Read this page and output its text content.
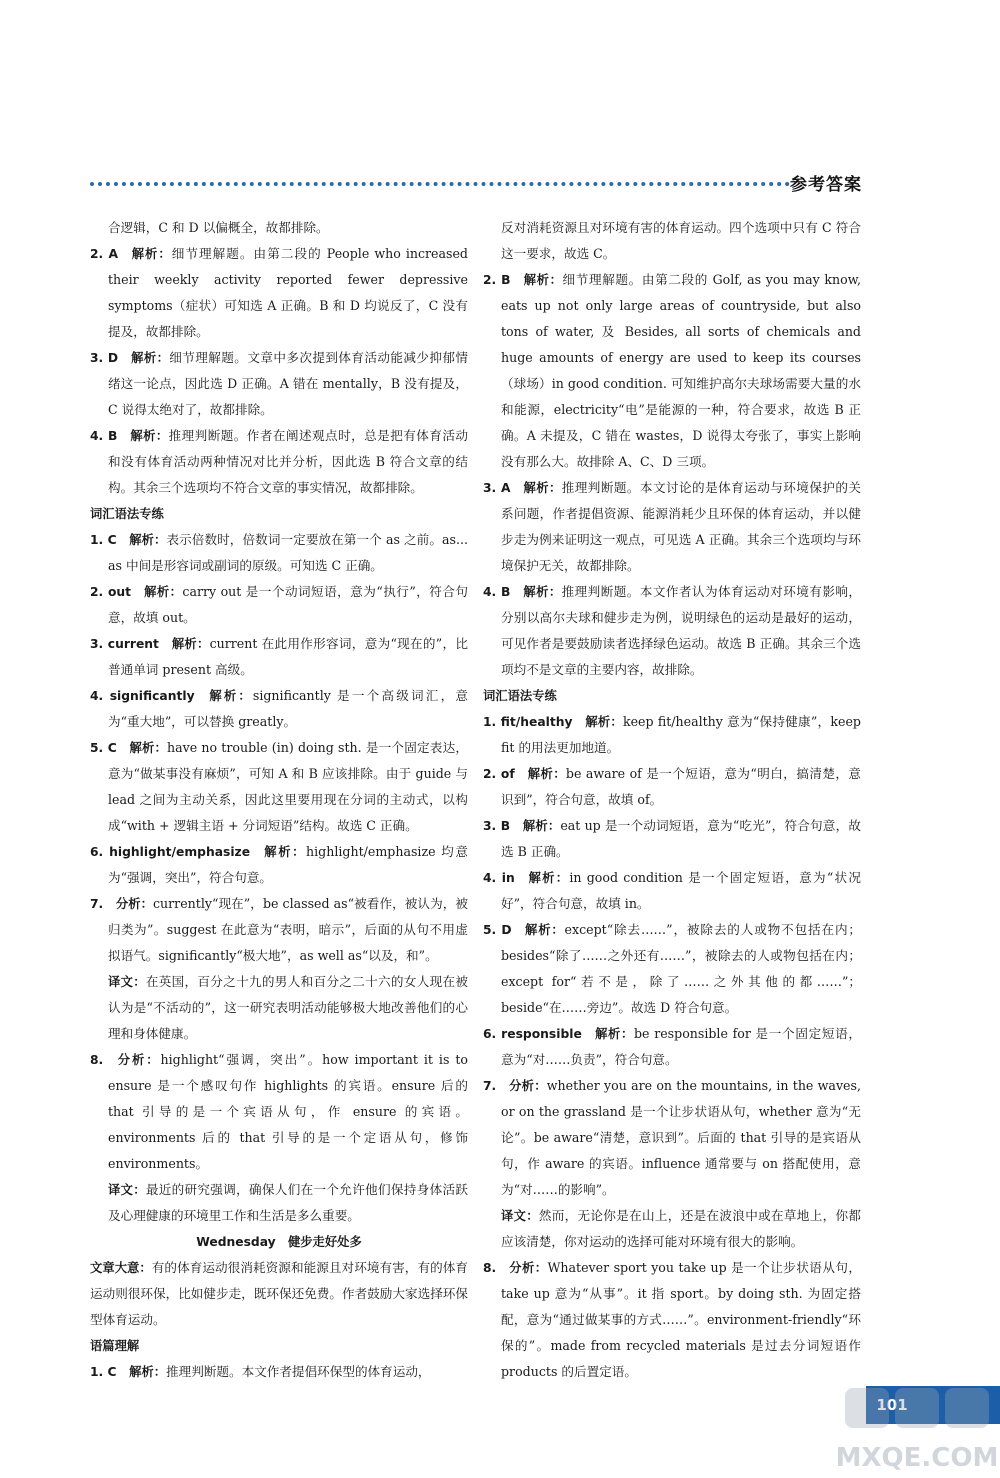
参考答案
合逻辑，C 和 D 以偏概全，故都排除。
2. A  解析：细节理解题。由第二段的 People who increased their weekly activity reported fewer depressive symptoms（症状）可知选 A 正确。B 和 D 均说反了，C 没有提及，故都排除。
3. D  解析：细节理解题。文章中多次提到体育活动能减少抑郁情绪这一论点，因此选 D 正确。A 错在 mentally，B 没有提及，C 说得太绝对了，故都排除。
4. B  解析：推理判断题。作者在阐述观点时，总是把有体育活动和没有体育活动两种情况对比并分析，因此选 B 符合文章的结构。其余三个选项均不符合文章的事实情况，故都排除。
词汇语法专练
1. C  解析：表示倍数时，倍数词一定要放在第一个 as 之前。as... as 中间是形容词或副词的原级。可知选 C 正确。
2. out  解析：carry out 是一个动词短语，意为“执行”，符合句意，故填 out。
3. current  解析：current 在此用作形容词，意为“现在的”，比普通单词 present 高级。
4. significantly  解析：significantly 是一个高级词汇，意为“重大地”，可以替换 greatly。
5. C  解析：have no trouble (in) doing sth. 是一个固定表达，意为“做某事没有麻烦”，可知 A 和 B 应该排除。由于 guide 与 lead 之间为主动关系，因此这里要用现在分词的主动式，以构成“with + 逻辑主语 + 分词短语”结构。故选 C 正确。
6. highlight/emphasize  解析：highlight/emphasize 均意为“强调，突出”，符合句意。
7.  分析：currently“现在”，be classed as“被看作，被认为，被归类为”。suggest 在此意为“表明，暗示”，后面的从句不用虚拟语气。significantly“极大地”，as well as“以及，和”。
译文：在英国，百分之十九的男人和百分之二十六的女人现在被认为是“不活动的”，这一研究表明活动能够极大地改善他们的心理和身体健康。
8.  分析：highlight“强调，突出”。how important it is to ensure 是一个感叹句作 highlights 的宾语。ensure 后的 that 引导的是一个宾语从句，作 ensure 的宾语。environments 后的 that 引导的是一个定语从句，修饰 environments。
译文：最近的研究强调，确保人们在一个允许他们保持身体活跃及心理健康的环境里工作和生活是多么重要。
Wednesday　健步走好处多
文章大意：有的体育运动很消耗资源和能源且对环境有害，有的体育运动则很环保，比如健步走，既环保还免费。作者鼓励大家选择环保型体育运动。
语篇理解
1. C  解析：推理判断题。本文作者提倡环保型的体育运动，
反对消耗资源且对环境有害的体育运动。四个选项中只有 C 符合这一要求，故选 C。
2. B  解析：细节理解题。由第二段的 Golf, as you may know, eats up not only large areas of countryside, but also tons of water, 及 Besides, all sorts of chemicals and huge amounts of energy are used to keep its courses（球场）in good condition. 可知维护高尔夫球场需要大量的水和能源，electricity“电”是能源的一种，符合要求，故选 B 正确。A 未提及，C 错在 wastes，D 说得太夸张了，事实上影响没有那么大。故排除 A、C、D 三项。
3. A  解析：推理判断题。本文讨论的是体育运动与环境保护的关系问题，作者提倡资源、能源消耗少且环保的体育运动，并以健步走为例来证明这一观点，可见选 A 正确。其余三个选项均与环境保护无关，故都排除。
4. B  解析：推理判断题。本文作者认为体育运动对环境有影响，分别以高尔夫球和健步走为例，说明绿色的运动是最好的运动，可见作者是要鼓励读者选择绿色运动。故选 B 正确。其余三个选项均不是文章的主要内容，故排除。
词汇语法专练
1. fit/healthy  解析：keep fit/healthy 意为“保持健康”，keep fit 的用法更加地道。
2. of  解析：be aware of 是一个短语，意为“明白，搞清楚，意识到”，符合句意，故填 of。
3. B  解析：eat up 是一个动词短语，意为“吃光”，符合句意，故选 B 正确。
4. in  解析：in good condition 是一个固定短语，意为“状况好”，符合句意，故填 in。
5. D  解析：except“除去……”，被除去的人或物不包括在内；besides“除了……之外还有……”，被除去的人或物包括在内；except for“若不是，除了……之外其他的都……”；beside“在……旁边”。故选 D 符合句意。
6. responsible  解析：be responsible for 是一个固定短语，意为“对……负责”，符合句意。
7.  分析：whether you are on the mountains, in the waves, or on the grassland 是一个让步状语从句，whether 意为“无论”。be aware“清楚，意识到”。后面的 that 引导的是宾语从句，作 aware 的宾语。influence 通常要与 on 搭配使用，意为“对……的影响”。
译文：然而，无论你是在山上，还是在波浪中或在草地上，你都应该清楚，你对运动的选择可能对环境有很大的影响。
8.  分析：Whatever sport you take up 是一个让步状语从句，take up 意为“从事”。it 指 sport。by doing sth. 为固定搭配，意为“通过做某事的方式……”。environment-friendly“环保的”。made from recycled materials 是过去分词短语作 products 的后置定语。
101
MXQE.COM
